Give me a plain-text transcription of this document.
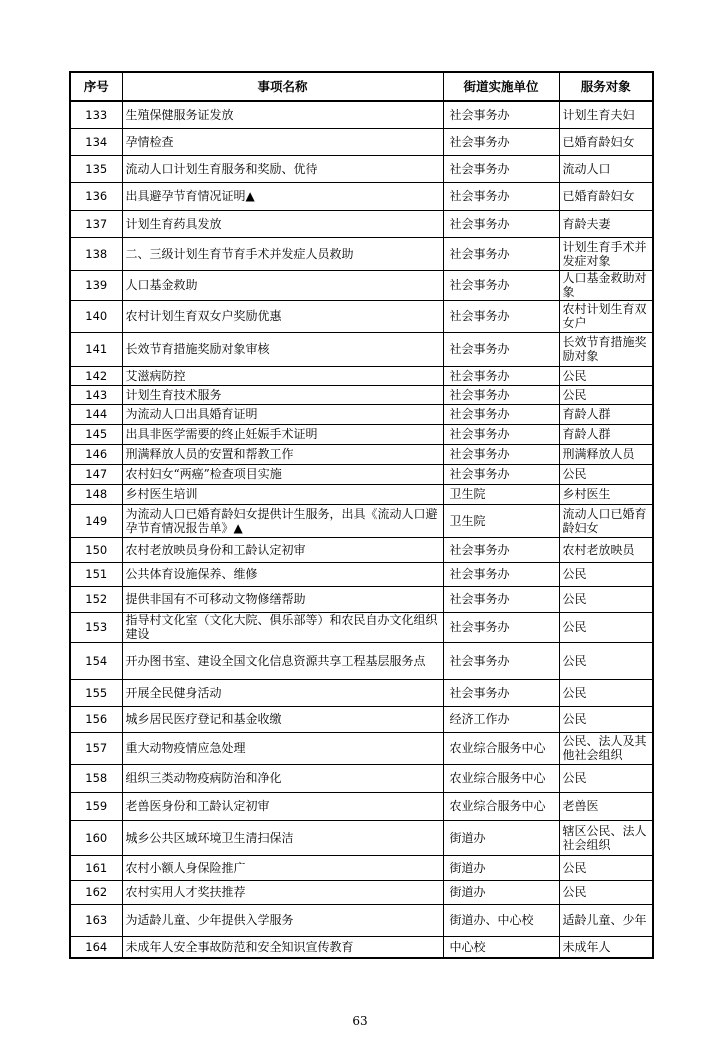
序号	事项名称	街道实施单位	服务对象
133	生殖保健服务证发放	社会事务办	计划生育夫妇
134	孕情检查	社会事务办	已婚育龄妇女
135	流动人口计划生育服务和奖励、优待	社会事务办	流动人口
136	出具避孕节育情况证明▲	社会事务办	已婚育龄妇女
137	计划生育药具发放	社会事务办	育龄夫妻
138	二、三级计划生育节育手术并发症人员救助	社会事务办	计划生育手术并发症对象
139	人口基金救助	社会事务办	人口基金救助对象
140	农村计划生育双女户奖励优惠	社会事务办	农村计划生育双女户
141	长效节育措施奖励对象审核	社会事务办	长效节育措施奖励对象
142	艾滋病防控	社会事务办	公民
143	计划生育技术服务	社会事务办	公民
144	为流动人口出具婚育证明	社会事务办	育龄人群
145	出具非医学需要的终止妊娠手术证明	社会事务办	育龄人群
146	刑满释放人员的安置和帮教工作	社会事务办	刑满释放人员
147	农村妇女“两癌”检查项目实施	社会事务办	公民
148	乡村医生培训	卫生院	乡村医生
149	为流动人口已婚育龄妇女提供计生服务，出具《流动人口避孕节育情况报告单》▲	卫生院	流动人口已婚育龄妇女
150	农村老放映员身份和工龄认定初审	社会事务办	农村老放映员
151	公共体育设施保养、维修	社会事务办	公民
152	提供非国有不可移动文物修缮帮助	社会事务办	公民
153	指导村文化室（文化大院、俱乐部等）和农民自办文化组织建设	社会事务办	公民
154	开办图书室、建设全国文化信息资源共享工程基层服务点	社会事务办	公民
155	开展全民健身活动	社会事务办	公民
156	城乡居民医疗登记和基金收缴	经济工作办	公民
157	重大动物疫情应急处理	农业综合服务中心	公民、法人及其他社会组织
158	组织三类动物疫病防治和净化	农业综合服务中心	公民
159	老兽医身份和工龄认定初审	农业综合服务中心	老兽医
160	城乡公共区域环境卫生清扫保洁	街道办	辖区公民、法人社会组织
161	农村小额人身保险推广	街道办	公民
162	农村实用人才奖扶推荐	街道办	公民
163	为适龄儿童、少年提供入学服务	街道办、中心校	适龄儿童、少年
164	未成年人安全事故防范和安全知识宣传教育	中心校	未成年人
63
